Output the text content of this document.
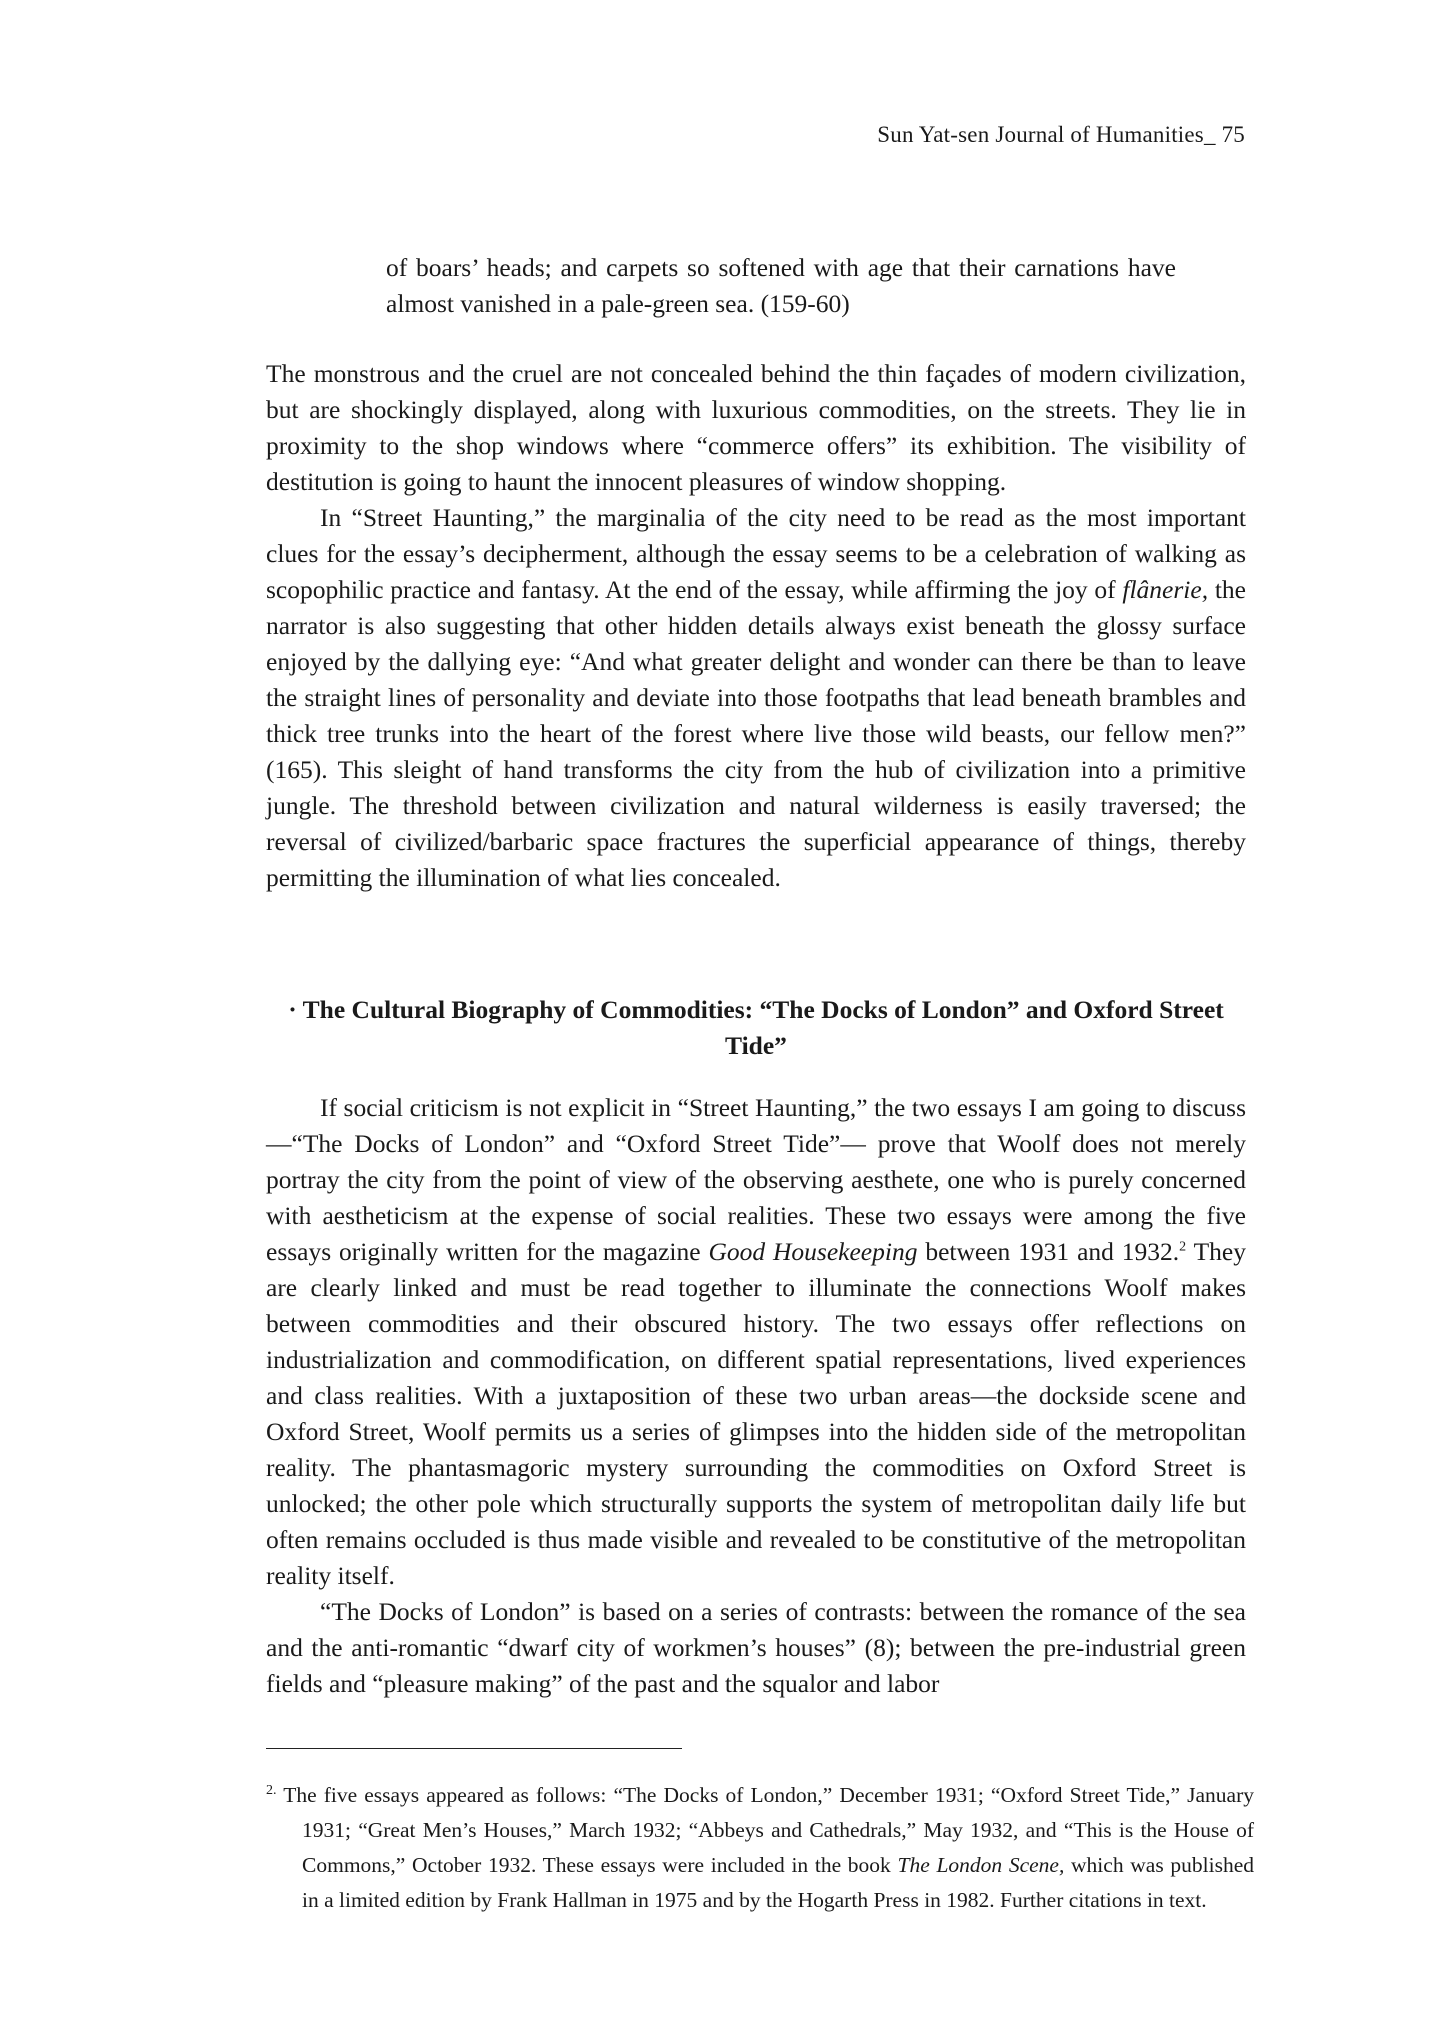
Sun Yat-sen Journal of Humanities_ 75
of boars’ heads; and carpets so softened with age that their carnations have almost vanished in a pale-green sea. (159-60)

The monstrous and the cruel are not concealed behind the thin façades of modern civilization, but are shockingly displayed, along with luxurious commodities, on the streets. They lie in proximity to the shop windows where “commerce offers” its exhibition. The visibility of destitution is going to haunt the innocent pleasures of window shopping.

In “Street Haunting,” the marginalia of the city need to be read as the most important clues for the essay’s decipherment, although the essay seems to be a celebration of walking as scopophilic practice and fantasy. At the end of the essay, while affirming the joy of flânerie, the narrator is also suggesting that other hidden details always exist beneath the glossy surface enjoyed by the dallying eye: “And what greater delight and wonder can there be than to leave the straight lines of personality and deviate into those footpaths that lead beneath brambles and thick tree trunks into the heart of the forest where live those wild beasts, our fellow men?” (165). This sleight of hand transforms the city from the hub of civilization into a primitive jungle. The threshold between civilization and natural wilderness is easily traversed; the reversal of civilized/barbaric space fractures the superficial appearance of things, thereby permitting the illumination of what lies concealed.

· The Cultural Biography of Commodities: “The Docks of London” and Oxford Street Tide”

If social criticism is not explicit in “Street Haunting,” the two essays I am going to discuss—“The Docks of London” and “Oxford Street Tide”— prove that Woolf does not merely portray the city from the point of view of the observing aesthete, one who is purely concerned with aestheticism at the expense of social realities. These two essays were among the five essays originally written for the magazine Good Housekeeping between 1931 and 1932.$^2$ They are clearly linked and must be read together to illuminate the connections Woolf makes between commodities and their obscured history. The two essays offer reflections on industrialization and commodification, on different spatial representations, lived experiences and class realities. With a juxtaposition of these two urban areas—the dockside scene and Oxford Street, Woolf permits us a series of glimpses into the hidden side of the metropolitan reality. The phantasmagoric mystery surrounding the commodities on Oxford Street is unlocked; the other pole which structurally supports the system of metropolitan daily life but often remains occluded is thus made visible and revealed to be constitutive of the metropolitan reality itself.

“The Docks of London” is based on a series of contrasts: between the romance of the sea and the anti-romantic “dwarf city of workmen’s houses” (8); between the pre-industrial green fields and “pleasure making” of the past and the squalor and labor

$^{2.}$ The five essays appeared as follows: “The Docks of London,” December 1931; “Oxford Street Tide,” January 1931; “Great Men’s Houses,” March 1932; “Abbeys and Cathedrals,” May 1932, and “This is the House of Commons,” October 1932. These essays were included in the book The London Scene, which was published in a limited edition by Frank Hallman in 1975 and by the Hogarth Press in 1982. Further citations in text.
